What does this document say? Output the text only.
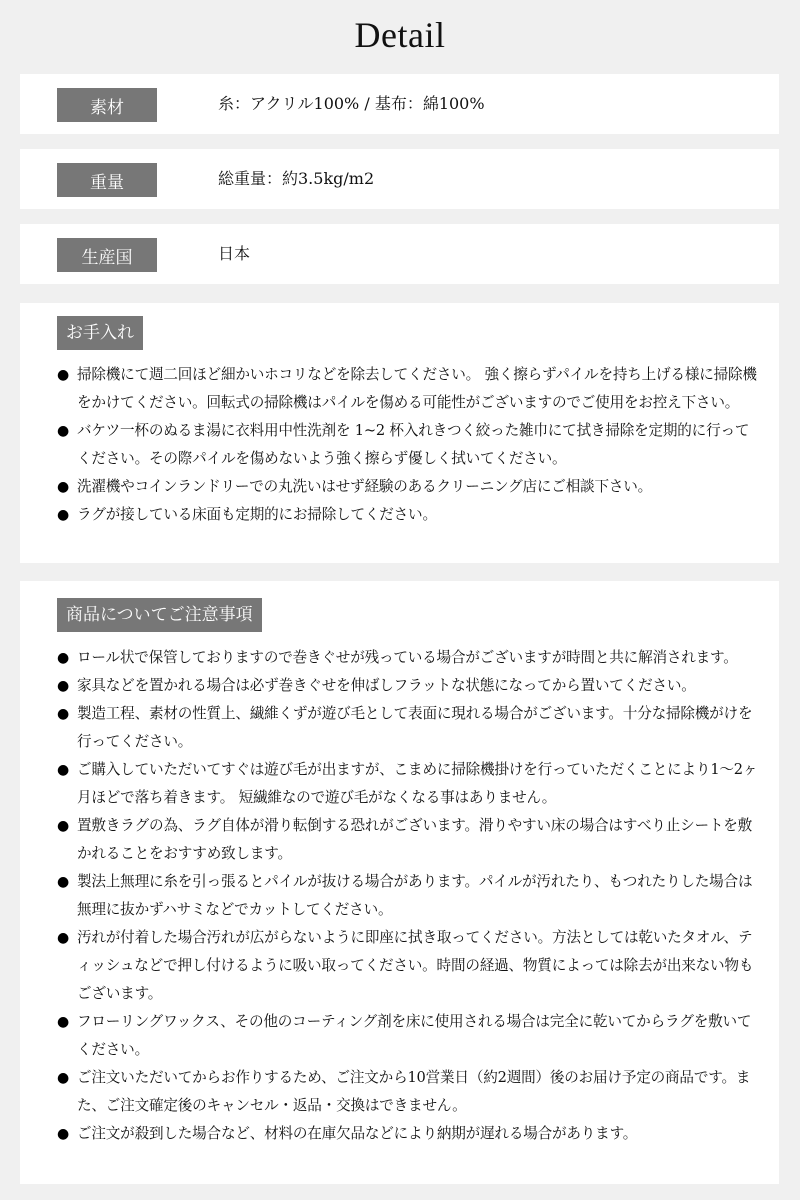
Detail
素材	糸：アクリル100% / 基布：綿100%
重量	総重量：約3.5kg/m2
生産国	日本
お手入れ
● 掃除機にて週二回ほど細かいホコリなどを除去してください。 強く擦らずパイルを持ち上げる様に掃除機をかけてください。回転式の掃除機はパイルを傷める可能性がございますのでご使用をお控え下さい。
● バケツ一杯のぬるま湯に衣料用中性洗剤を 1~2 杯入れきつく絞った雑巾にて拭き掃除を定期的に行ってください。その際パイルを傷めないよう強く擦らず優しく拭いてください。
● 洗濯機やコインランドリーでの丸洗いはせず経験のあるクリーニング店にご相談下さい。
● ラグが接している床面も定期的にお掃除してください。
商品についてご注意事項
● ロール状で保管しておりますので巻きぐせが残っている場合がございますが時間と共に解消されます。
● 家具などを置かれる場合は必ず巻きぐせを伸ばしフラットな状態になってから置いてください。
● 製造工程、素材の性質上、繊維くずが遊び毛として表面に現れる場合がございます。十分な掃除機がけを行ってください。
● ご購入していただいてすぐは遊び毛が出ますが、こまめに掃除機掛けを行っていただくことにより1～2ヶ月ほどで落ち着きます。 短繊維なので遊び毛がなくなる事はありません。
● 置敷きラグの為、ラグ自体が滑り転倒する恐れがございます。滑りやすい床の場合はすべり止シートを敷かれることをおすすめ致します。
● 製法上無理に糸を引っ張るとパイルが抜ける場合があります。パイルが汚れたり、もつれたりした場合は無理に抜かずハサミなどでカットしてください。
● 汚れが付着した場合汚れが広がらないように即座に拭き取ってください。方法としては乾いたタオル、ティッシュなどで押し付けるように吸い取ってください。時間の経過、物質によっては除去が出来ない物もございます。
● フローリングワックス、その他のコーティング剤を床に使用される場合は完全に乾いてからラグを敷いてください。
● ご注文いただいてからお作りするため、ご注文から10営業日（約2週間）後のお届け予定の商品です。また、ご注文確定後のキャンセル・返品・交換はできません。
● ご注文が殺到した場合など、材料の在庫欠品などにより納期が遅れる場合があります。
